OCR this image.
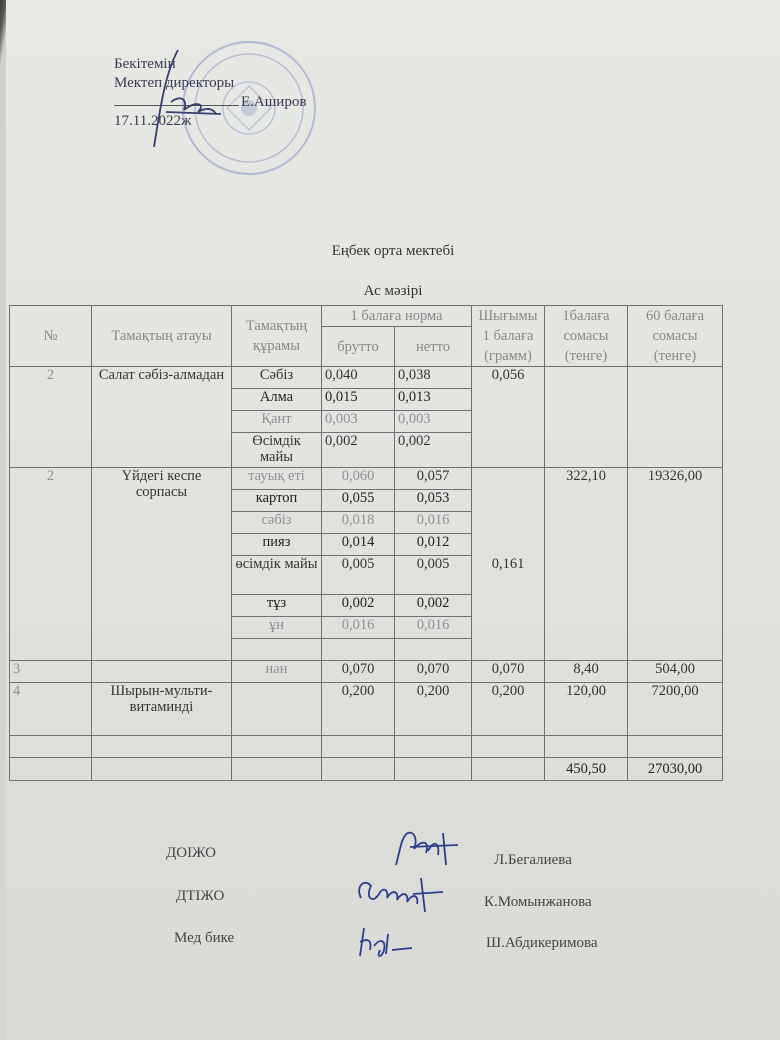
Бекітемін
Мектеп директоры
Е.Аширов
17.11.2022ж
Еңбек орта мектебі
Ас мәзірі
№	Тамақтың атауы	Тамақтың құрамы	1 балаға норма		Шығымы 1 балаға (грамм)	1балаға сомасы (тенге)	60 балаға сомасы (тенге)
			брутто	нетто			
2	Салат сәбіз-алмадан	Сәбіз	0,040	0,038	0,056		
		Алма	0,015	0,013			
		Қант	0,003	0,003			
		Өсімдік майы	0,002	0,002			
2	Үйдегі кеспе сорпасы	тауық еті	0,060	0,057	0,161	322,10	19326,00
		картоп	0,055	0,053			
		сәбіз	0,018	0,016			
		пияз	0,014	0,012			
		өсімдік майы	0,005	0,005			
		тұз	0,002	0,002			
		ұн	0,016	0,016			

3		нан	0,070	0,070	0,070	8,40	504,00
4	Шырын-мульти-витаминді		0,200	0,200	0,200	120,00	7200,00

						450,50	27030,00
ДОІЖО	Л.Бегалиева
ДТІЖО	К.Момынжанова
Мед бике	Ш.Абдикеримова
